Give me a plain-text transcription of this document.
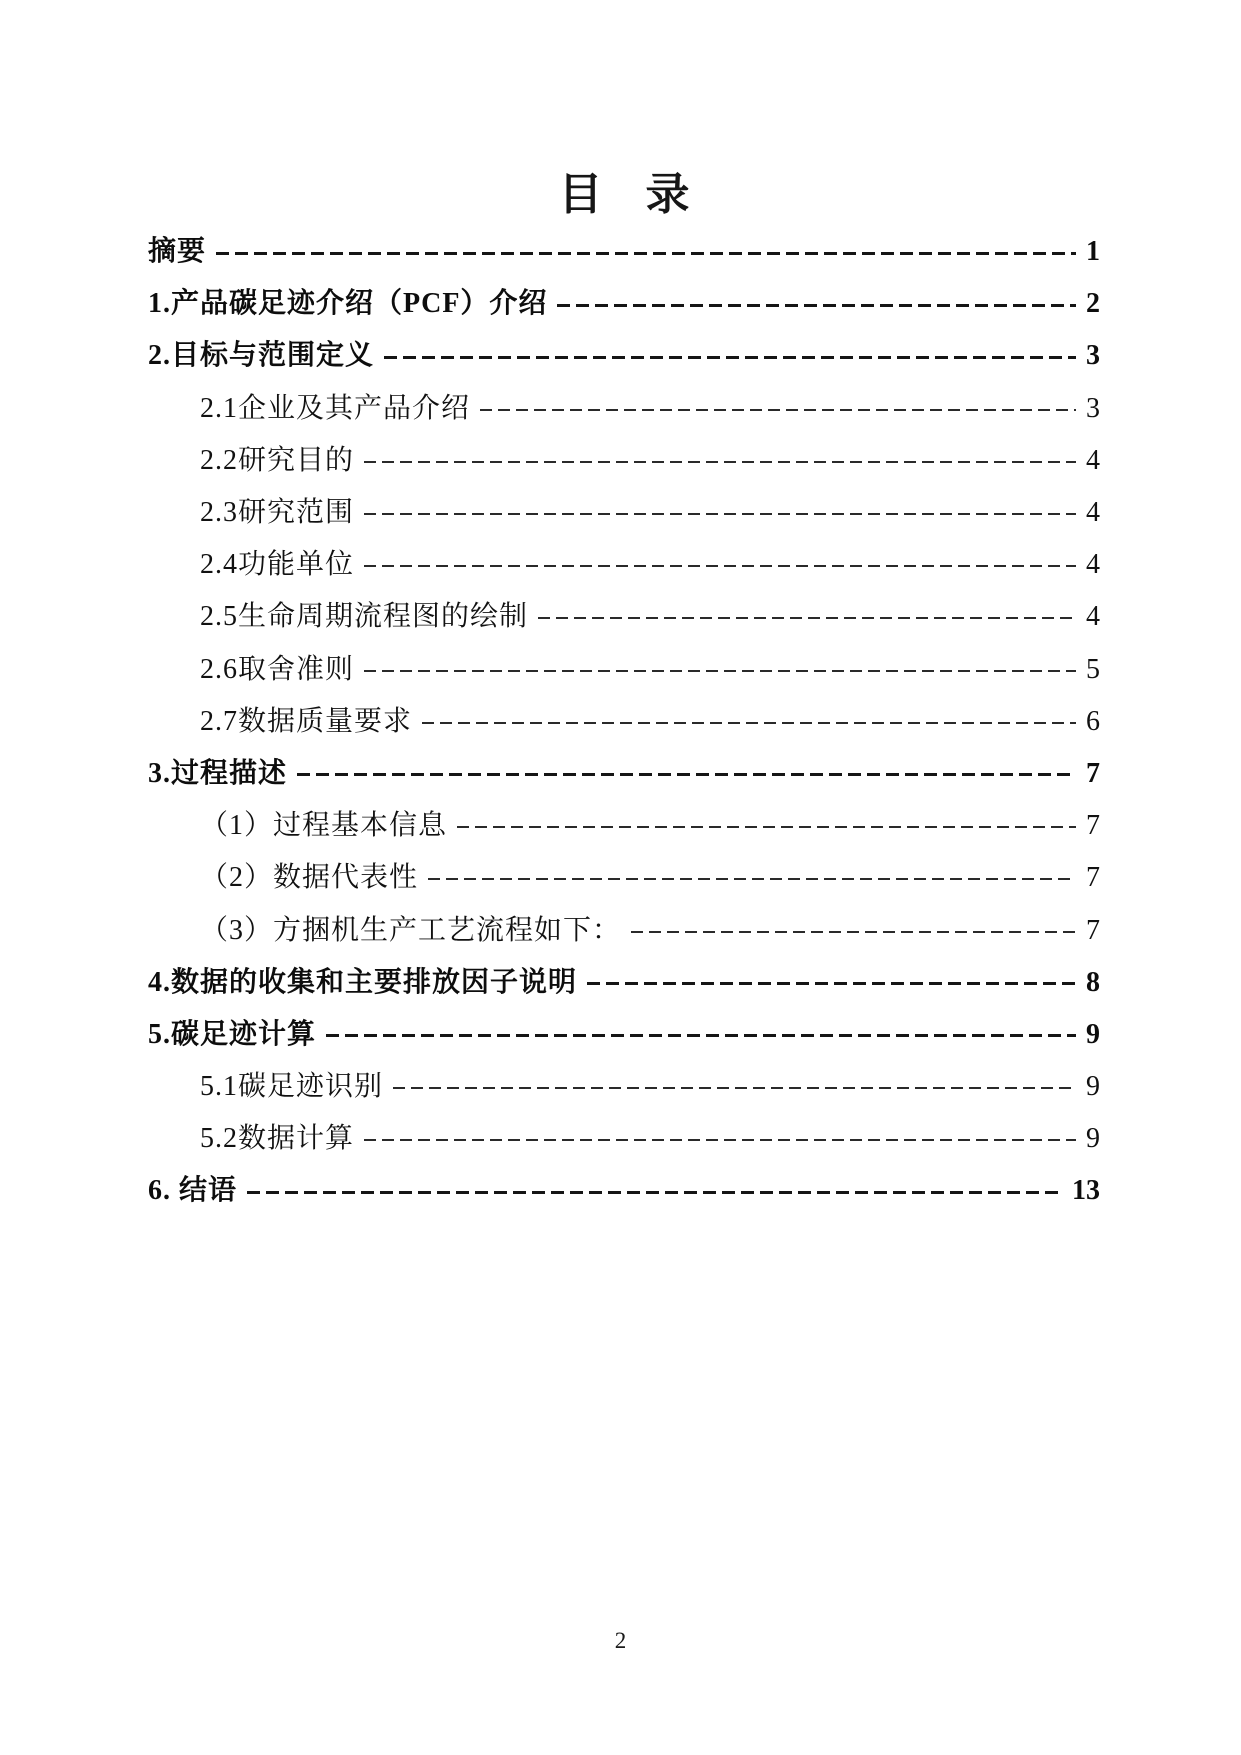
目 录
摘要	1
1.产品碳足迹介绍（PCF）介绍	2
2.目标与范围定义	3
2.1企业及其产品介绍	3
2.2研究目的	4
2.3研究范围	4
2.4功能单位	4
2.5生命周期流程图的绘制	4
2.6取舍准则	5
2.7数据质量要求	6
3.过程描述	7
（1）过程基本信息	7
（2）数据代表性	7
（3）方捆机生产工艺流程如下：	7
4.数据的收集和主要排放因子说明	8
5.碳足迹计算	9
5.1碳足迹识别	9
5.2数据计算	9
6. 结语	13
2
